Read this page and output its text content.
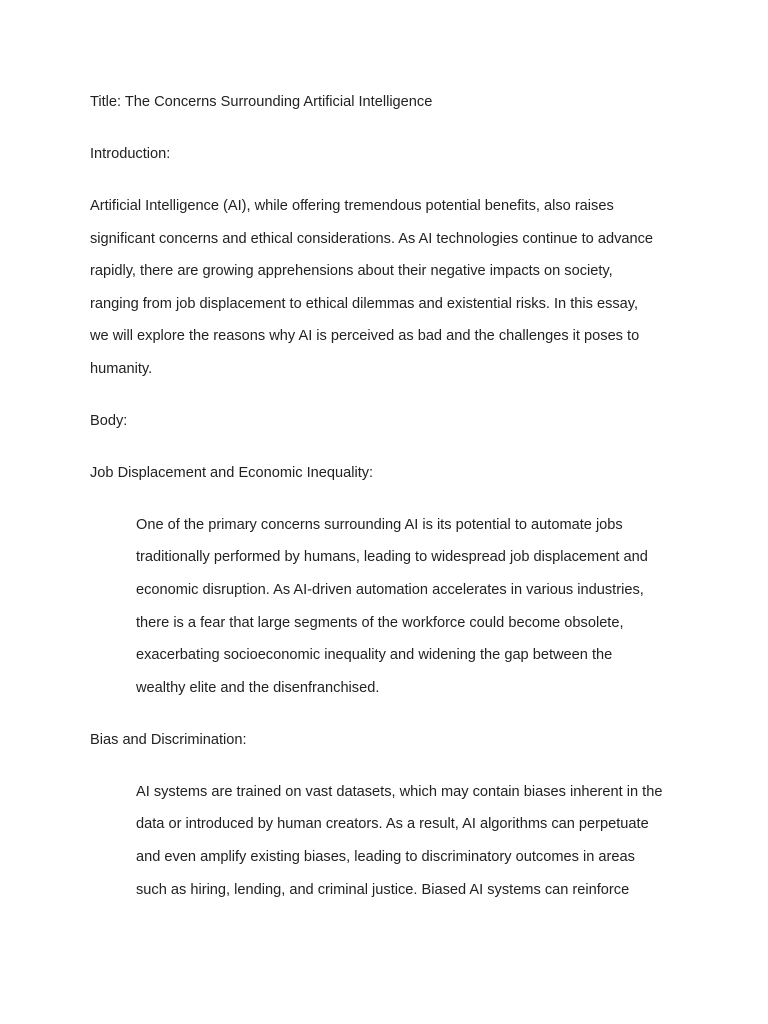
Title: The Concerns Surrounding Artificial Intelligence

Introduction:

Artificial Intelligence (AI), while offering tremendous potential benefits, also raises
significant concerns and ethical considerations. As AI technologies continue to advance
rapidly, there are growing apprehensions about their negative impacts on society,
ranging from job displacement to ethical dilemmas and existential risks. In this essay,
we will explore the reasons why AI is perceived as bad and the challenges it poses to
humanity.

Body:

Job Displacement and Economic Inequality:

One of the primary concerns surrounding AI is its potential to automate jobs
traditionally performed by humans, leading to widespread job displacement and
economic disruption. As AI-driven automation accelerates in various industries,
there is a fear that large segments of the workforce could become obsolete,
exacerbating socioeconomic inequality and widening the gap between the
wealthy elite and the disenfranchised.

Bias and Discrimination:

AI systems are trained on vast datasets, which may contain biases inherent in the
data or introduced by human creators. As a result, AI algorithms can perpetuate
and even amplify existing biases, leading to discriminatory outcomes in areas
such as hiring, lending, and criminal justice. Biased AI systems can reinforce
